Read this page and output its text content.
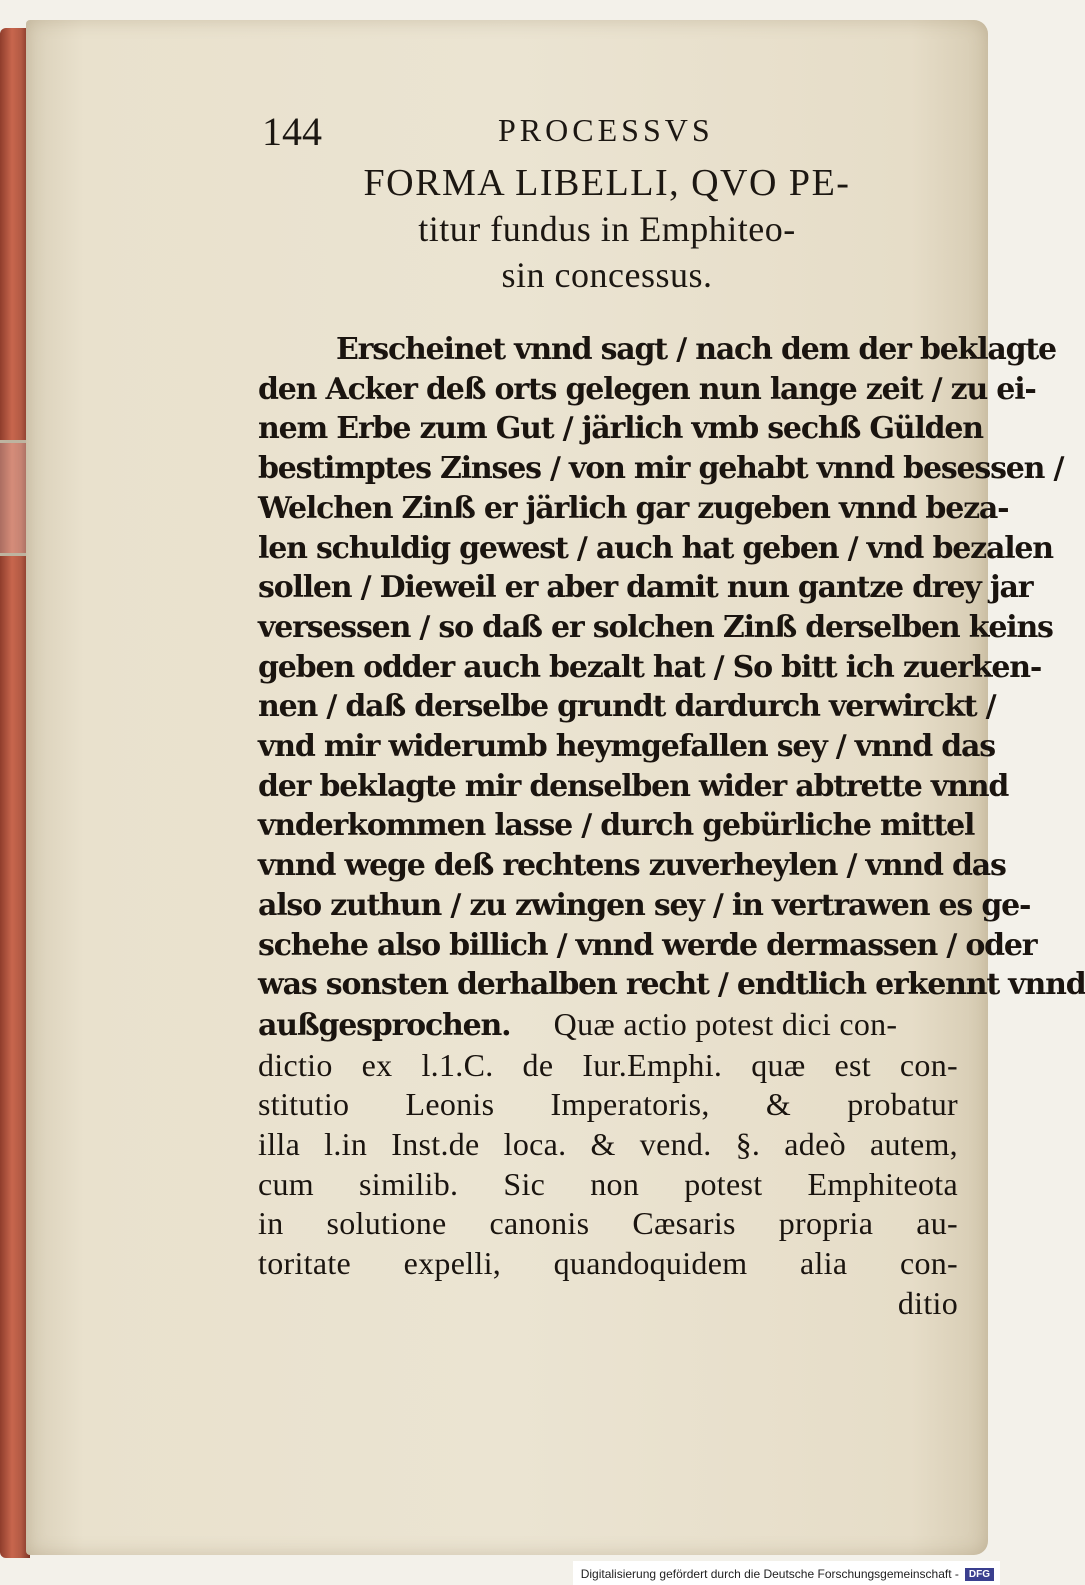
144	PROCESSVS

FORMA LIBELLI, QVO PE-

titur fundus in Emphiteo-

sin concessus.

Erscheinet vnnd sagt / nach dem der beklagte

den Acker deß orts gelegen nun lange zeit / zu ei-

nem Erbe zum Gut / järlich vmb sechß Gülden

bestimptes Zinses / von mir gehabt vnnd besessen /

Welchen Zinß er järlich gar zugeben vnnd beza-

len schuldig gewest / auch hat geben / vnd bezalen

sollen / Dieweil er aber damit nun gantze drey jar

versessen / so daß er solchen Zinß derselben keins

geben odder auch bezalt hat / So bitt ich zuerken-

nen / daß derselbe grundt dardurch verwirckt /

vnd mir widerumb heymgefallen sey / vnnd das

der beklagte mir denselben wider abtrette vnnd

vnderkommen lasse / durch gebürliche mittel

vnnd wege deß rechtens zuverheylen / vnnd das

also zuthun / zu zwingen sey / in vertrawen es ge-

schehe also billich / vnnd werde dermassen / oder

was sonsten derhalben recht / endtlich erkennt vnnd

außgesprochen. Quæ actio potest dici con-

dictio ex l.1.C. de Iur.Emphi. quæ est con-

stitutio Leonis Imperatoris, & probatur

illa l.in Inst.de loca. & vend. §. adeò autem,

cum similib. Sic non potest Emphiteota

in solutione canonis Cæsaris propria au-

toritate expelli, quandoquidem alia con-

ditio

Digitalisierung gefördert durch die Deutsche Forschungsgemeinschaft -	DFG
